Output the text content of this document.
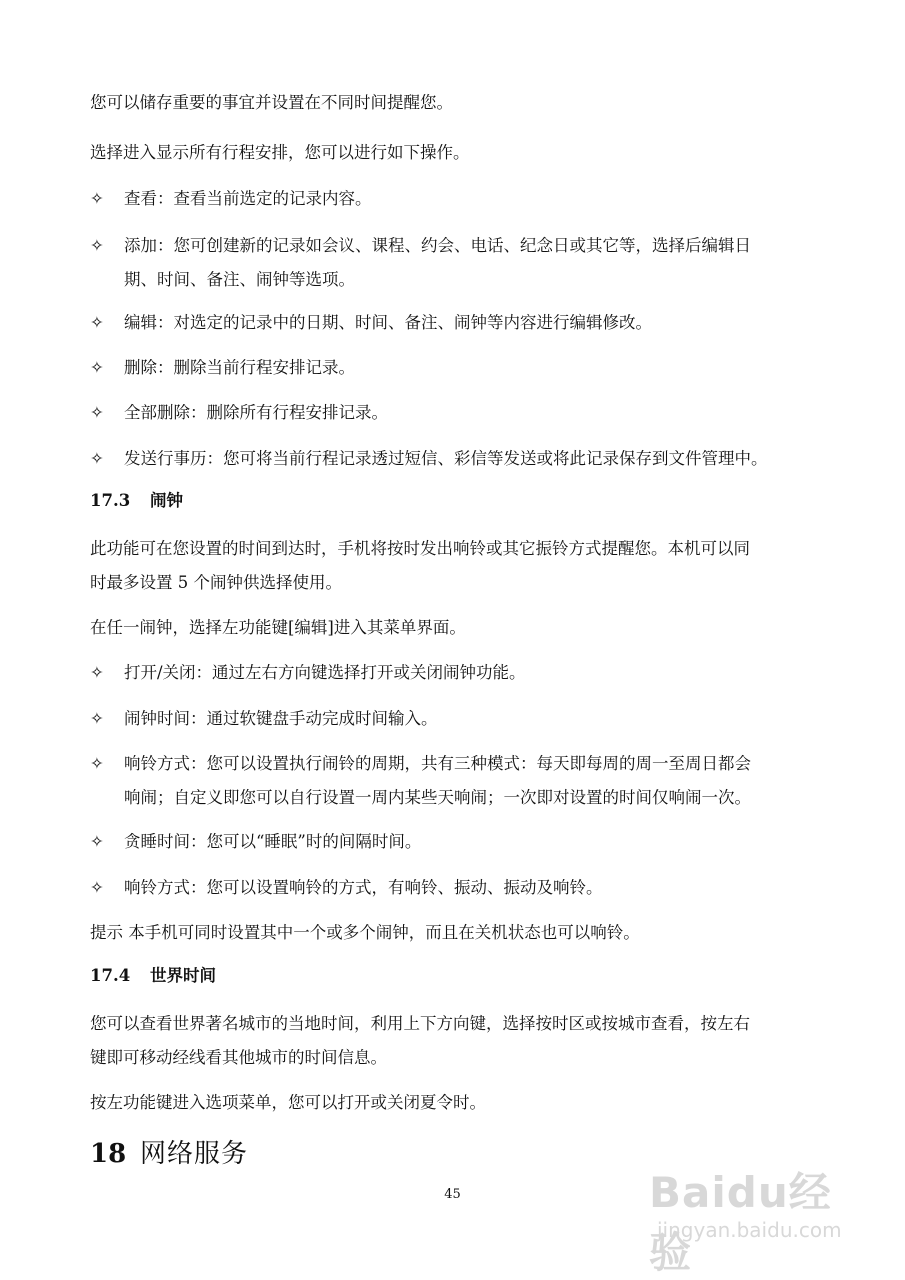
您可以储存重要的事宜并设置在不同时间提醒您。
选择进入显示所有行程安排，您可以进行如下操作。
✧ 查看：查看当前选定的记录内容。
✧ 添加：您可创建新的记录如会议、课程、约会、电话、纪念日或其它等，选择后编辑日
期、时间、备注、闹钟等选项。
✧ 编辑：对选定的记录中的日期、时间、备注、闹钟等内容进行编辑修改。
✧ 删除：删除当前行程安排记录。
✧ 全部删除：删除所有行程安排记录。
✧ 发送行事历：您可将当前行程记录透过短信、彩信等发送或将此记录保存到文件管理中。
17.3 闹钟
此功能可在您设置的时间到达时，手机将按时发出响铃或其它振铃方式提醒您。本机可以同
时最多设置 5 个闹钟供选择使用。
在任一闹钟，选择左功能键[编辑]进入其菜单界面。
✧ 打开/关闭：通过左右方向键选择打开或关闭闹钟功能。
✧ 闹钟时间：通过软键盘手动完成时间输入。
✧ 响铃方式：您可以设置执行闹铃的周期，共有三种模式：每天即每周的周一至周日都会
响闹；自定义即您可以自行设置一周内某些天响闹；一次即对设置的时间仅响闹一次。
✧ 贪睡时间：您可以“睡眠”时的间隔时间。
✧ 响铃方式：您可以设置响铃的方式，有响铃、振动、振动及响铃。
提示 本手机可同时设置其中一个或多个闹钟，而且在关机状态也可以响铃。
17.4 世界时间
您可以查看世界著名城市的当地时间，利用上下方向键，选择按时区或按城市查看，按左右
键即可移动经线看其他城市的时间信息。
按左功能键进入选项菜单，您可以打开或关闭夏令时。
18 网络服务
45	Baidu经验
jingyan.baidu.com
